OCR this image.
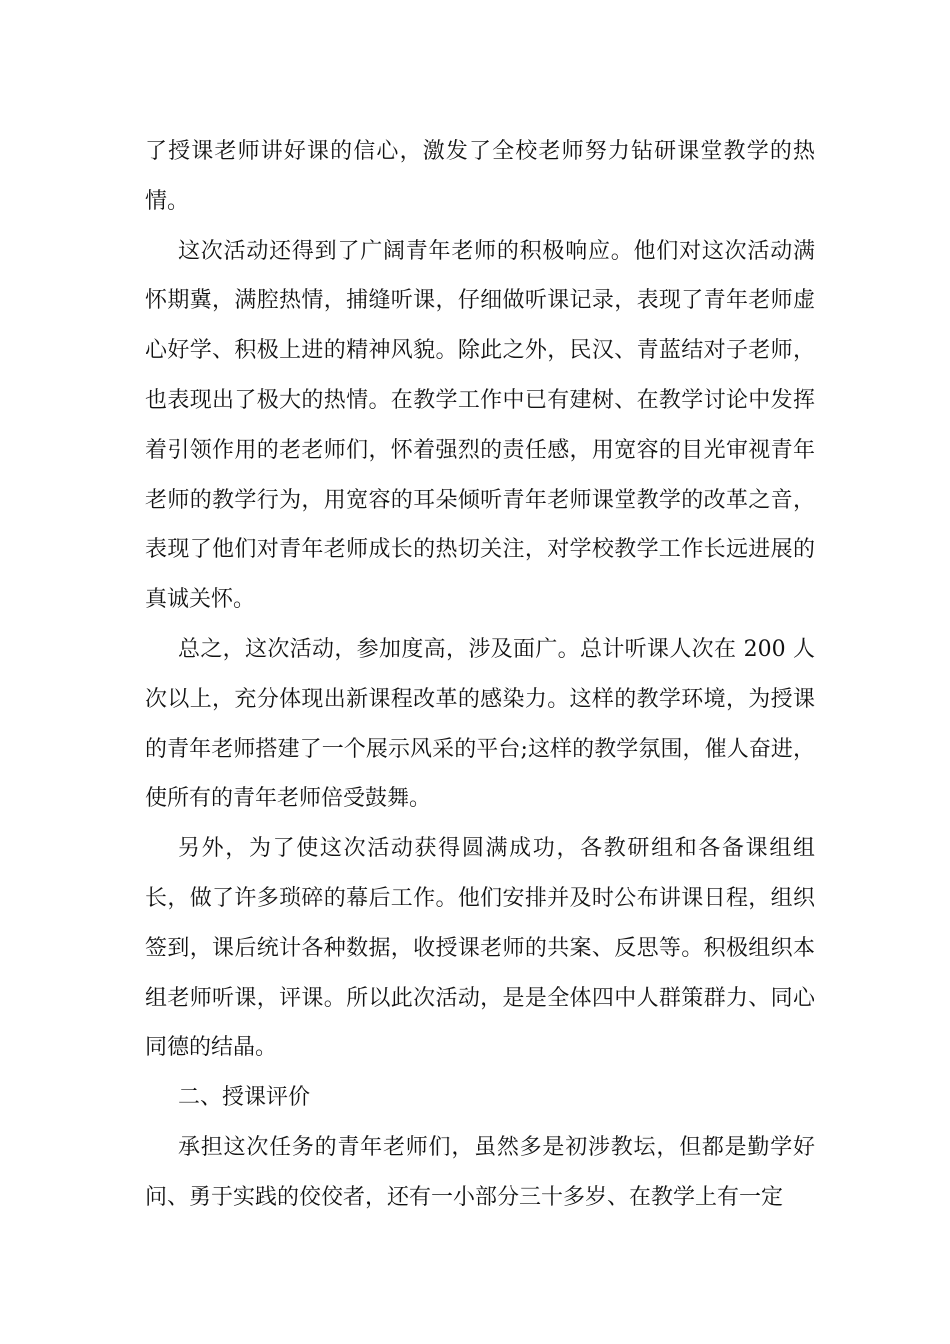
了授课老师讲好课的信心，激发了全校老师努力钻研课堂教学的热情。

这次活动还得到了广阔青年老师的积极响应。他们对这次活动满怀期冀，满腔热情，捕缝听课，仔细做听课记录，表现了青年老师虚心好学、积极上进的精神风貌。除此之外，民汉、青蓝结对子老师，也表现出了极大的热情。在教学工作中已有建树、在教学讨论中发挥着引领作用的老老师们，怀着强烈的责任感，用宽容的目光审视青年老师的教学行为，用宽容的耳朵倾听青年老师课堂教学的改革之音，表现了他们对青年老师成长的热切关注，对学校教学工作长远进展的真诚关怀。

总之，这次活动，参加度高，涉及面广。总计听课人次在 200 人次以上，充分体现出新课程改革的感染力。这样的教学环境，为授课的青年老师搭建了一个展示风采的平台;这样的教学氛围，催人奋进，使所有的青年老师倍受鼓舞。

另外，为了使这次活动获得圆满成功，各教研组和各备课组组长，做了许多琐碎的幕后工作。他们安排并及时公布讲课日程，组织签到，课后统计各种数据，收授课老师的共案、反思等。积极组织本组老师听课，评课。所以此次活动，是是全体四中人群策群力、同心同德的结晶。

二、授课评价

承担这次任务的青年老师们，虽然多是初涉教坛，但都是勤学好问、勇于实践的佼佼者，还有一小部分三十多岁、在教学上有一定
